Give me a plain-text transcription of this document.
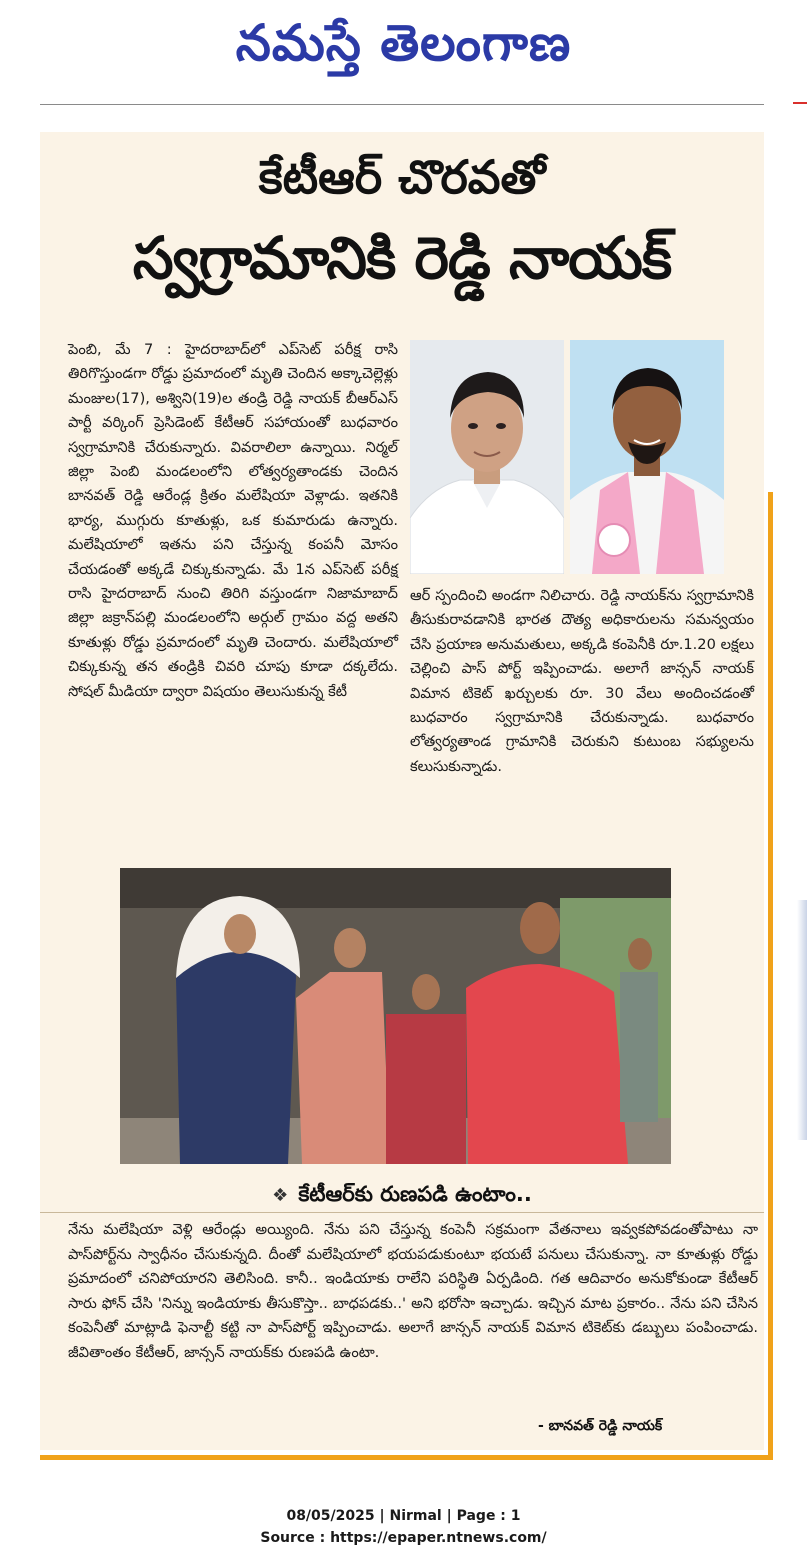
నమస్తే తెలంగాణ
కేటీఆర్ చొరవతో
స్వగ్రామానికి రెడ్డి నాయక్
పెంబి, మే 7 : హైదరాబాద్‌లో ఎప్‌సెట్ పరీక్ష రాసి తిరిగొస్తుండగా రోడ్డు ప్రమాదంలో మృతి చెందిన అక్కాచెల్లెళ్లు మంజుల(17), అశ్విని(19)ల తండ్రి రెడ్డి నాయక్ బీఆర్‌ఎస్ పార్టీ వర్కింగ్ ప్రెసిడెంట్ కేటీఆర్ సహాయంతో బుధవారం స్వగ్రామానికి చేరుకున్నారు. వివరాలిలా ఉన్నాయి. నిర్మల్ జిల్లా పెంబి మండలంలోని లోత్వర్యతాండకు చెందిన బానవత్ రెడ్డి ఆరేండ్ల క్రితం మలేషియా వెళ్లాడు. ఇతనికి భార్య, ముగ్గురు కూతుళ్లు, ఒక కుమారుడు ఉన్నారు. మలేషియాలో ఇతను పని చేస్తున్న కంపనీ మోసం చేయడంతో అక్కడే చిక్కుకున్నాడు. మే 1న ఎప్‌సెట్ పరీక్ష రాసి హైదరాబాద్ నుంచి తిరిగి వస్తుండగా నిజామాబాద్ జిల్లా జక్రాన్‌పల్లి మండలంలోని అర్గుల్ గ్రామం వద్ద అతని కూతుళ్లు రోడ్డు ప్రమాదంలో మృతి చెందారు. మలేషియాలో చిక్కుకున్న తన తండ్రికి చివరి చూపు కూడా దక్కలేదు. సోషల్ మీడియా ద్వారా విషయం తెలుసుకున్న కేటీ
ఆర్ స్పందించి అండగా నిలిచారు. రెడ్డి నాయక్‌ను స్వగ్రామానికి తీసుకురావడానికి భారత దౌత్య అధికారులను సమన్వయం చేసి ప్రయాణ అనుమతులు, అక్కడి కంపెనీకి రూ.1.20 లక్షలు చెల్లించి పాస్ పోర్ట్ ఇప్పించాడు. అలాగే జాన్సన్ నాయక్ విమాన టికెట్ ఖర్చులకు రూ. 30 వేలు అందించడంతో బుధవారం స్వగ్రామానికి చేరుకున్నాడు. బుధవారం లోత్వర్యతాండ గ్రామానికి చెరుకుని కుటుంబ సభ్యులను కలుసుకున్నాడు.
❖ కేటీఆర్‌కు రుణపడి ఉంటాం..
నేను మలేషియా వెళ్లి ఆరేండ్లు అయ్యింది. నేను పని చేస్తున్న కంపెనీ సక్రమంగా వేతనాలు ఇవ్వకపోవడంతోపాటు నా పాస్‌పోర్ట్‌ను స్వాధీనం చేసుకున్నది. దీంతో మలేషియాలో భయపడుకుంటూ భయటే పనులు చేసుకున్నా. నా కూతుళ్లు రోడ్డు ప్రమాదంలో చనిపోయారని తెలిసింది. కానీ.. ఇండియాకు రాలేని పరిస్థితి ఏర్పడింది. గత ఆదివారం అనుకోకుండా కేటీఆర్ సారు ఫోన్ చేసి 'నిన్ను ఇండియాకు తీసుకొస్తా.. బాధపడకు..' అని భరోసా ఇచ్చాడు. ఇచ్చిన మాట ప్రకారం.. నేను పని చేసిన కంపెనీతో మాట్లాడి ఫెనాల్టీ కట్టి నా పాస్‌పోర్ట్ ఇప్పించాడు. అలాగే జాన్సన్ నాయక్ విమాన టికెట్‌కు డబ్బులు పంపించాడు. జీవితాంతం కేటీఆర్, జాన్సన్ నాయక్‌కు రుణపడి ఉంటా.
- బానవత్ రెడ్డి నాయక్
08/05/2025 | Nirmal | Page : 1
Source : https://epaper.ntnews.com/
